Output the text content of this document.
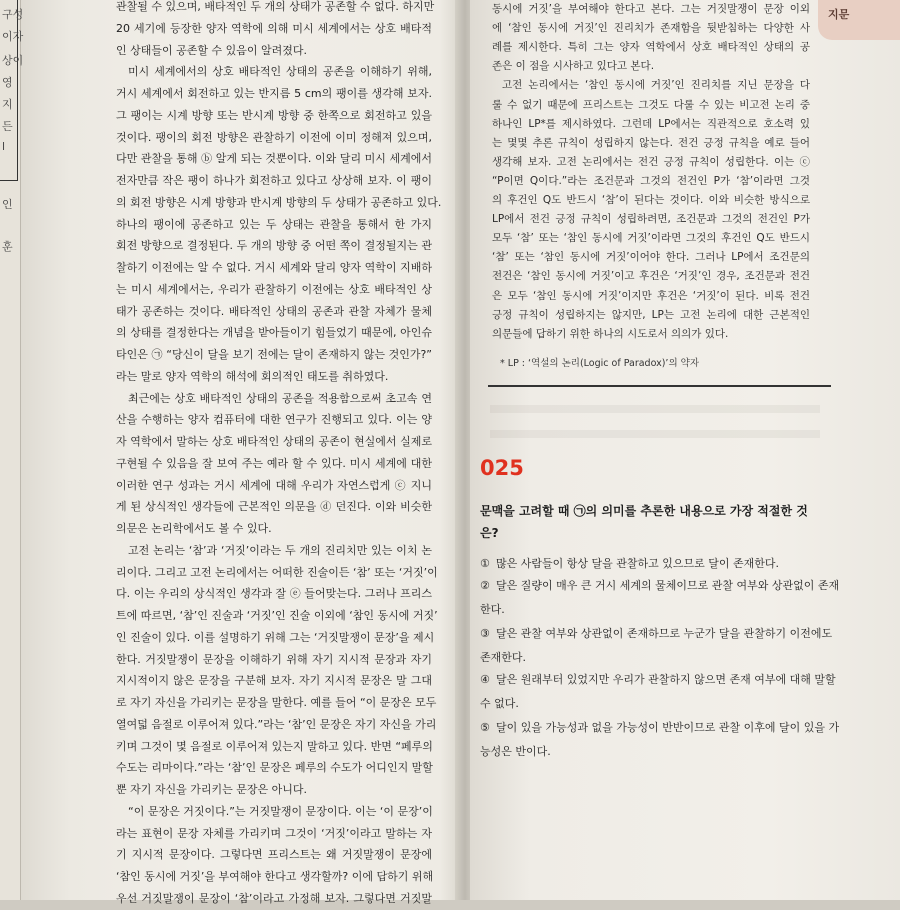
구성
이자
상이
영
지
든
l
인
훈
관찰될 수 있으며, 배타적인 두 개의 상태가 공존할 수 없다. 하지만
20 세기에 등장한 양자 역학에 의해 미시 세계에서는 상호 배타적
인 상태들이 공존할 수 있음이 알려졌다.
미시 세계에서의 상호 배타적인 상태의 공존을 이해하기 위해,
거시 세계에서 회전하고 있는 반지름 5 cm의 팽이를 생각해 보자.
그 팽이는 시계 방향 또는 반시계 방향 중 한쪽으로 회전하고 있을
것이다. 팽이의 회전 방향은 관찰하기 이전에 이미 정해져 있으며,
다만 관찰을 통해 ⓑ 알게 되는 것뿐이다. 이와 달리 미시 세계에서
전자만큼 작은 팽이 하나가 회전하고 있다고 상상해 보자. 이 팽이
의 회전 방향은 시계 방향과 반시계 방향의 두 상태가 공존하고 있다.
하나의 팽이에 공존하고 있는 두 상태는 관찰을 통해서 한 가지
회전 방향으로 결정된다. 두 개의 방향 중 어떤 쪽이 결정될지는 관
찰하기 이전에는 알 수 없다. 거시 세계와 달리 양자 역학이 지배하
는 미시 세계에서는, 우리가 관찰하기 이전에는 상호 배타적인 상
태가 공존하는 것이다. 배타적인 상태의 공존과 관찰 자체가 물체
의 상태를 결정한다는 개념을 받아들이기 힘들었기 때문에, 아인슈
타인은 ㉠ “당신이 달을 보기 전에는 달이 존재하지 않는 것인가?”
라는 말로 양자 역학의 해석에 회의적인 태도를 취하였다.
최근에는 상호 배타적인 상태의 공존을 적용함으로써 초고속 연
산을 수행하는 양자 컴퓨터에 대한 연구가 진행되고 있다. 이는 양
자 역학에서 말하는 상호 배타적인 상태의 공존이 현실에서 실제로
구현될 수 있음을 잘 보여 주는 예라 할 수 있다. 미시 세계에 대한
이러한 연구 성과는 거시 세계에 대해 우리가 자연스럽게 ⓒ 지니
게 된 상식적인 생각들에 근본적인 의문을 ⓓ 던진다. 이와 비슷한
의문은 논리학에서도 볼 수 있다.
고전 논리는 ‘참’과 ‘거짓’이라는 두 개의 진리치만 있는 이치 논
리이다. 그리고 고전 논리에서는 어떠한 진술이든 ‘참’ 또는 ‘거짓’이
다. 이는 우리의 상식적인 생각과 잘 ⓔ 들어맞는다. 그러나 프리스
트에 따르면, ‘참’인 진술과 ‘거짓’인 진술 이외에 ‘참인 동시에 거짓’
인 진술이 있다. 이를 설명하기 위해 그는 ‘거짓말쟁이 문장’을 제시
한다. 거짓말쟁이 문장을 이해하기 위해 자기 지시적 문장과 자기
지시적이지 않은 문장을 구분해 보자. 자기 지시적 문장은 말 그대
로 자기 자신을 가리키는 문장을 말한다. 예를 들어 “이 문장은 모두
열여덟 음절로 이루어져 있다.”라는 ‘참’인 문장은 자기 자신을 가리
키며 그것이 몇 음절로 이루어져 있는지 말하고 있다. 반면 “페루의
수도는 리마이다.”라는 ‘참’인 문장은 페루의 수도가 어디인지 말할
뿐 자기 자신을 가리키는 문장은 아니다.
“이 문장은 거짓이다.”는 거짓말쟁이 문장이다. 이는 ‘이 문장’이
라는 표현이 문장 자체를 가리키며 그것이 ‘거짓’이라고 말하는 자
기 지시적 문장이다. 그렇다면 프리스트는 왜 거짓말쟁이 문장에
‘참인 동시에 거짓’을 부여해야 한다고 생각할까? 이에 답하기 위해
우선 거짓말쟁이 문장이 ‘참’이라고 가정해 보자. 그렇다면 거짓말
지문
동시에 거짓’을 부여해야 한다고 본다. 그는 거짓말쟁이 문장 이외
에 ‘참인 동시에 거짓’인 진리치가 존재함을 뒷받침하는 다양한 사
례를 제시한다. 특히 그는 양자 역학에서 상호 배타적인 상태의 공
존은 이 점을 시사하고 있다고 본다.
고전 논리에서는 ‘참인 동시에 거짓’인 진리치를 지닌 문장을 다
룰 수 없기 때문에 프리스트는 그것도 다룰 수 있는 비고전 논리 중
하나인 LP*를 제시하였다. 그런데 LP에서는 직관적으로 호소력 있
는 몇몇 추론 규칙이 성립하지 않는다. 전건 긍정 규칙을 예로 들어
생각해 보자. 고전 논리에서는 전건 긍정 규칙이 성립한다. 이는 ⓒ
“P이면 Q이다.”라는 조건문과 그것의 전건인 P가 ‘참’이라면 그것
의 후건인 Q도 반드시 ‘참’이 된다는 것이다. 이와 비슷한 방식으로
LP에서 전건 긍정 규칙이 성립하려면, 조건문과 그것의 전건인 P가
모두 ‘참’ 또는 ‘참인 동시에 거짓’이라면 그것의 후건인 Q도 반드시
‘참’ 또는 ‘참인 동시에 거짓’이어야 한다. 그러나 LP에서 조건문의
전건은 ‘참인 동시에 거짓’이고 후건은 ‘거짓’인 경우, 조건문과 전건
은 모두 ‘참인 동시에 거짓’이지만 후건은 ‘거짓’이 된다. 비록 전건
긍정 규칙이 성립하지는 않지만, LP는 고전 논리에 대한 근본적인
의문들에 답하기 위한 하나의 시도로서 의의가 있다.
* LP : ‘역설의 논리(Logic of Paradox)’의 약자
025
문맥을 고려할 때 ㉠의 의미를 추론한 내용으로 가장 적절한 것은?
① 많은 사람들이 항상 달을 관찰하고 있으므로 달이 존재한다.
② 달은 질량이 매우 큰 거시 세계의 물체이므로 관찰 여부와 상관없이 존재한다.
③ 달은 관찰 여부와 상관없이 존재하므로 누군가 달을 관찰하기 이전에도 존재한다.
④ 달은 원래부터 있었지만 우리가 관찰하지 않으면 존재 여부에 대해 말할 수 없다.
⑤ 달이 있을 가능성과 없을 가능성이 반반이므로 관찰 이후에 달이 있을 가능성은 반이다.
